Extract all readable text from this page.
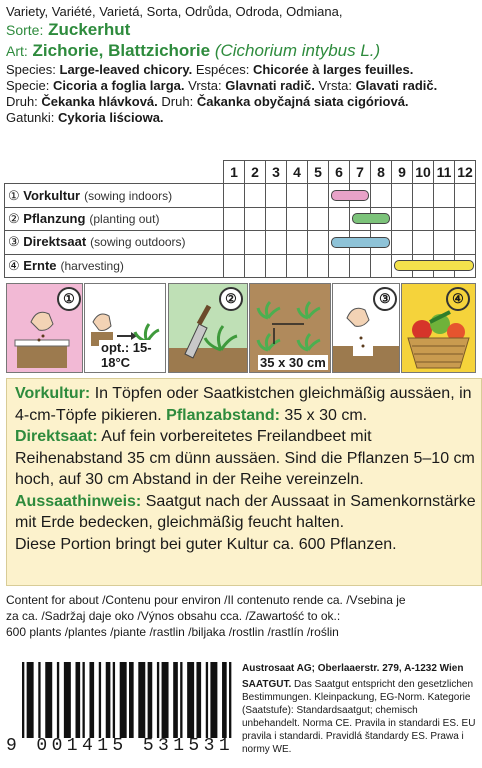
Variety, Variété, Varietá, Sorta, Odrůda, Odroda, Odmiana,
Sorte: Zuckerhut
Art: Zichorie, Blattzichorie (Cichorium intybus L.)
Species: Large-leaved chicory. Espéces: Chicorée à larges feuilles.
Specie: Cicoria a foglia larga. Vrsta: Glavnati radič. Vrsta: Glavati radič.
Druh: Čekanka hlávková. Druh: Čakanka obyčajná siata cigóriová.
Gatunki: Cykoria liściowa.
	1	2	3	4	5	6	7	8	9	10	11	12
① Vorkultur (sowing indoors)												
② Pflanzung (planting out)												
③ Direktsaat (sowing outdoors)												
④ Ernte (harvesting)												
①
opt.: 15-18°C
②
35 x 30 cm
③	④
Vorkultur: In Töpfen oder Saatkistchen gleichmäßig aussäen, in 4-cm-Töpfe pikieren. Pflanzabstand: 35 x 30 cm.
Direktsaat: Auf fein vorbereitetes Freilandbeet mit Reihenabstand 35 cm dünn aussäen. Sind die Pflanzen 5–10 cm hoch, auf 30 cm Abstand in der Reihe vereinzeln.
Aussaathinweis: Saatgut nach der Aussaat in Samenkornstärke mit Erde bedecken, gleichmäßig feucht halten.
Diese Portion bringt bei guter Kultur ca. 600 Pflanzen.
Content for about /Contenu pour environ /Il contenuto rende ca. /Vsebina je
za ca. /Sadržaj daje oko /Výnos obsahu cca. /Zawartość to ok.:
600 plants /plantes /piante /rastlin /biljaka /rostlin /rastlín /roślin
9 001415 531531
Austrosaat AG; Oberlaaerstr. 279, A-1232 Wien
SAATGUT. Das Saatgut entspricht den gesetzlichen Bestimmungen. Kleinpackung, EG-Norm. Kategorie (Saatstufe): Standardsaatgut; chemisch unbehandelt. Norma CE. Pravila in standardi ES. EU pravila i standardi. Pravidlá štandardy ES. Prawa i normy WE.
